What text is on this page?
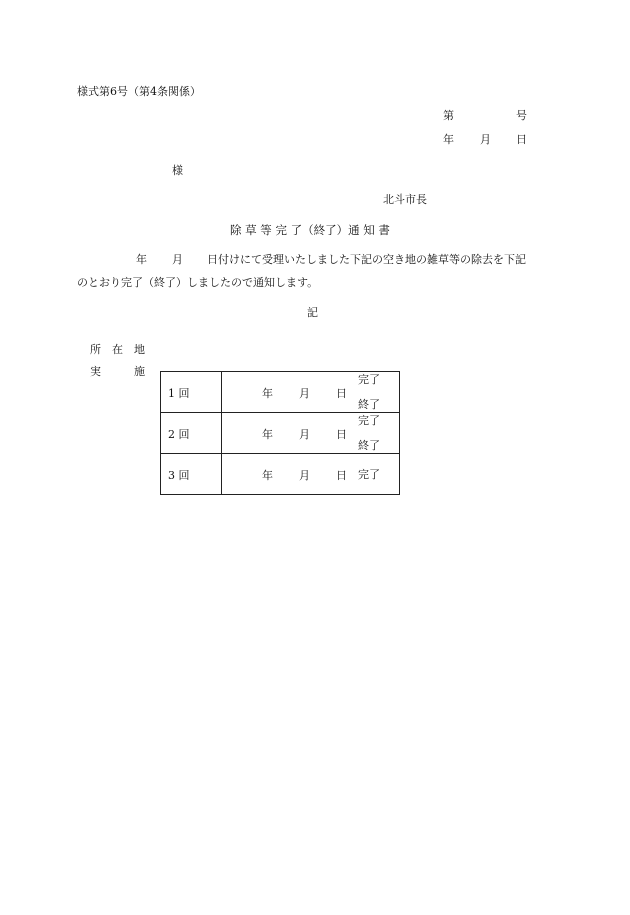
様式第6号（第4条関係）
第	号
年 月 日
様
北斗市長
除 草 等 完 了（終了）通 知 書
年 月 日付けにて受理いたしました下記の空き地の雑草等の除去を下記
のとおり完了（終了）しましたので通知します。
記
所　在　地
実　　　施
1 回	年 月 日
完了
終了

2 回	年 月 日
完了
終了

3 回	年 月 日 完了
